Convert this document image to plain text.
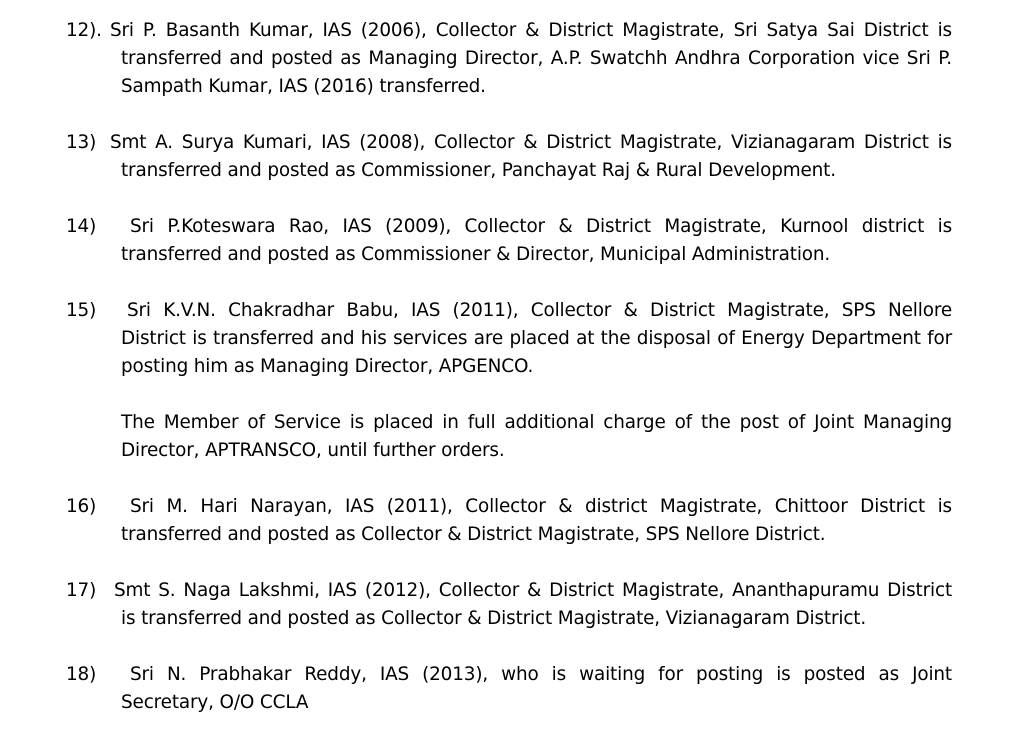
12). Sri P. Basanth Kumar, IAS (2006), Collector & District Magistrate, Sri Satya Sai District is
transferred and posted as Managing Director, A.P. Swatchh Andhra Corporation vice Sri P. Sampath Kumar, IAS (2016) transferred.
13) Smt A. Surya Kumari, IAS (2008), Collector & District Magistrate, Vizianagaram District is
transferred and posted as Commissioner, Panchayat Raj & Rural Development.
14) Sri P.Koteswara Rao, IAS (2009), Collector & District Magistrate, Kurnool district is
transferred and posted as Commissioner & Director, Municipal Administration.
15) Sri K.V.N. Chakradhar Babu, IAS (2011), Collector & District Magistrate, SPS Nellore
District is transferred and his services are placed at the disposal of Energy Department for posting him as Managing Director, APGENCO.
The Member of Service is placed in full additional charge of the post of Joint Managing Director, APTRANSCO, until further orders.
16) Sri M. Hari Narayan, IAS (2011), Collector & district Magistrate, Chittoor District is
transferred and posted as Collector & District Magistrate, SPS Nellore District.
17) Smt S. Naga Lakshmi, IAS (2012), Collector & District Magistrate, Ananthapuramu District
is transferred and posted as Collector & District Magistrate, Vizianagaram District.
18) Sri N. Prabhakar Reddy, IAS (2013), who is waiting for posting is posted as Joint
Secretary, O/O CCLA
